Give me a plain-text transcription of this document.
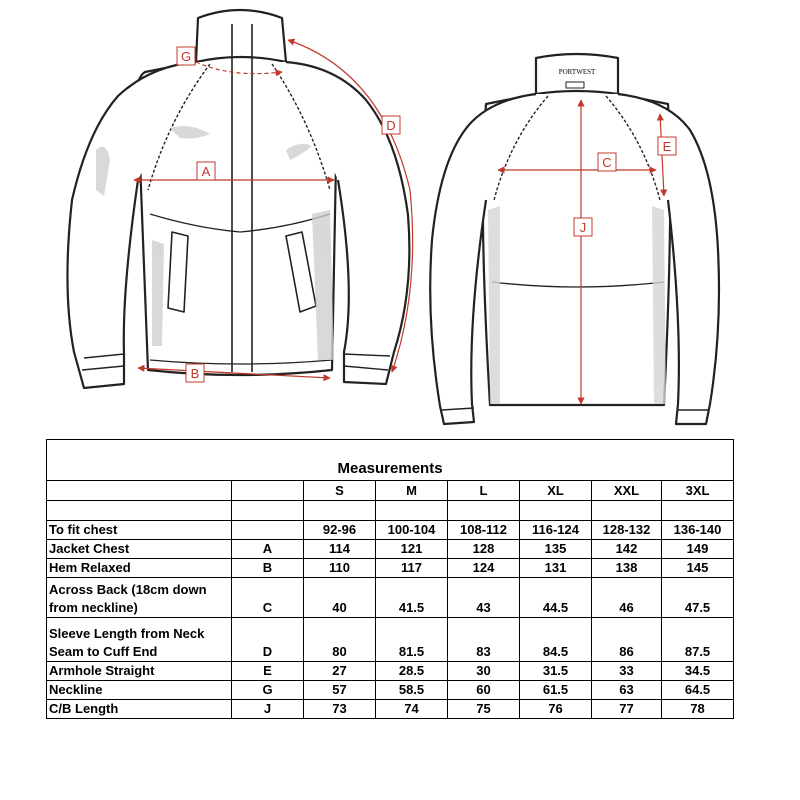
A
B
D
G
PORTWEST
C
E
J
Measurements							
		S	M	L	XL	XXL	3XL

To fit chest		92-96	100-104	108-112	116-124	128-132	136-140

Jacket Chest	A	114	121	128	135	142	149

Hem Relaxed	B	110	117	124	131	138	145

Across Back (18cm down
from neckline)	C	40	41.5	43	44.5	46	47.5

Sleeve Length from Neck
Seam to Cuff End	D	80	81.5	83	84.5	86	87.5

Armhole Straight	E	27	28.5	30	31.5	33	34.5

Neckline	G	57	58.5	60	61.5	63	64.5

C/B Length	J	73	74	75	76	77	78
